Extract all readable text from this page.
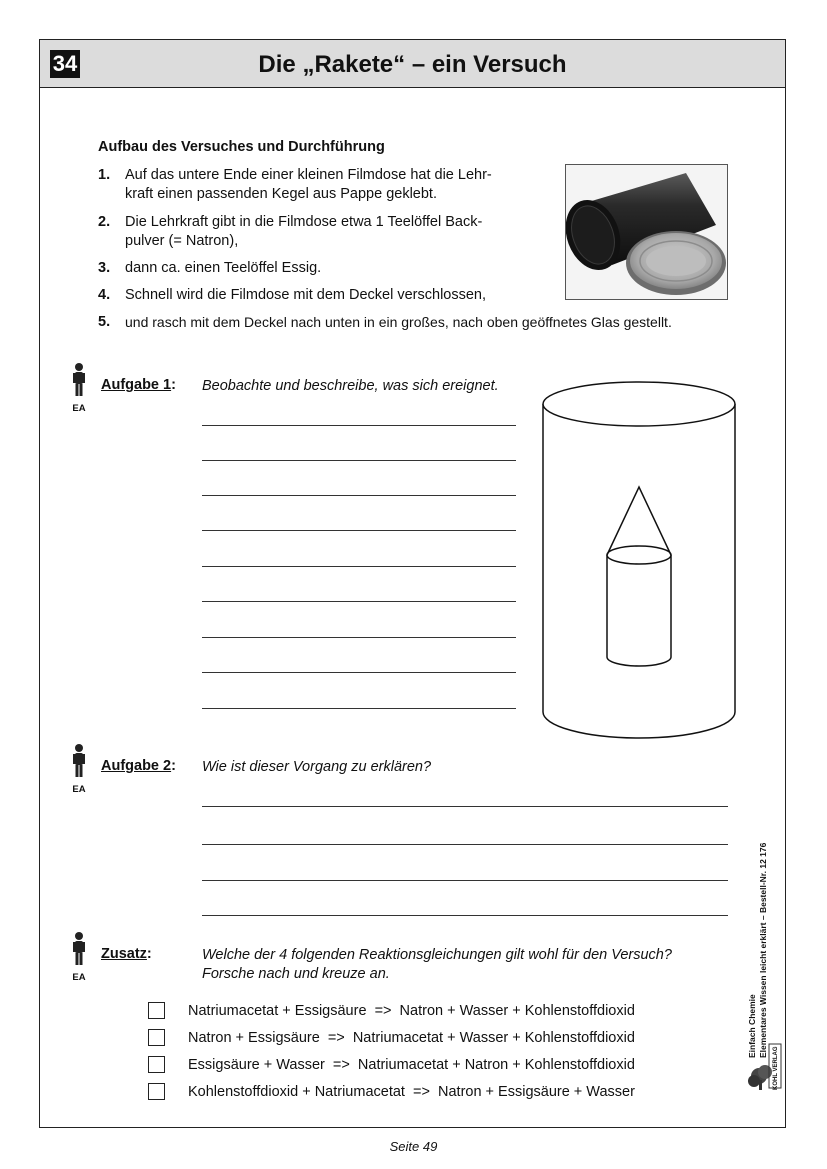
34	Die „Rakete“ – ein Versuch
Aufbau des Versuches und Durchführung
1. Auf das untere Ende einer kleinen Filmdose hat die Lehr-
kraft einen passenden Kegel aus Pappe geklebt.
2. Die Lehrkraft gibt in die Filmdose etwa 1 Teelöffel Back-
pulver (= Natron),
3. dann ca. einen Teelöffel Essig.
4. Schnell wird die Filmdose mit dem Deckel verschlossen,
5. und rasch mit dem Deckel nach unten in ein großes, nach oben geöffnetes Glas gestellt.
EA
Aufgabe 1: Beobachte und beschreibe, was sich ereignet.
EA
Aufgabe 2: Wie ist dieser Vorgang zu erklären?
EA
Zusatz:	Welche der 4 folgenden Reaktionsgleichungen gilt wohl für den Versuch?
Forsche nach und kreuze an.
Natriumacetat + Essigsäure  =>  Natron + Wasser + Kohlenstoffdioxid
Natron + Essigsäure  =>  Natriumacetat + Wasser + Kohlenstoffdioxid
Essigsäure + Wasser  =>  Natriumacetat + Natron + Kohlenstoffdioxid
Kohlenstoffdioxid + Natriumacetat  =>  Natron + Essigsäure + Wasser
Einfach Chemie
Elementares Wissen leicht erklärt – Bestell-Nr. 12 176
KOHL VERLAG
Seite 49
